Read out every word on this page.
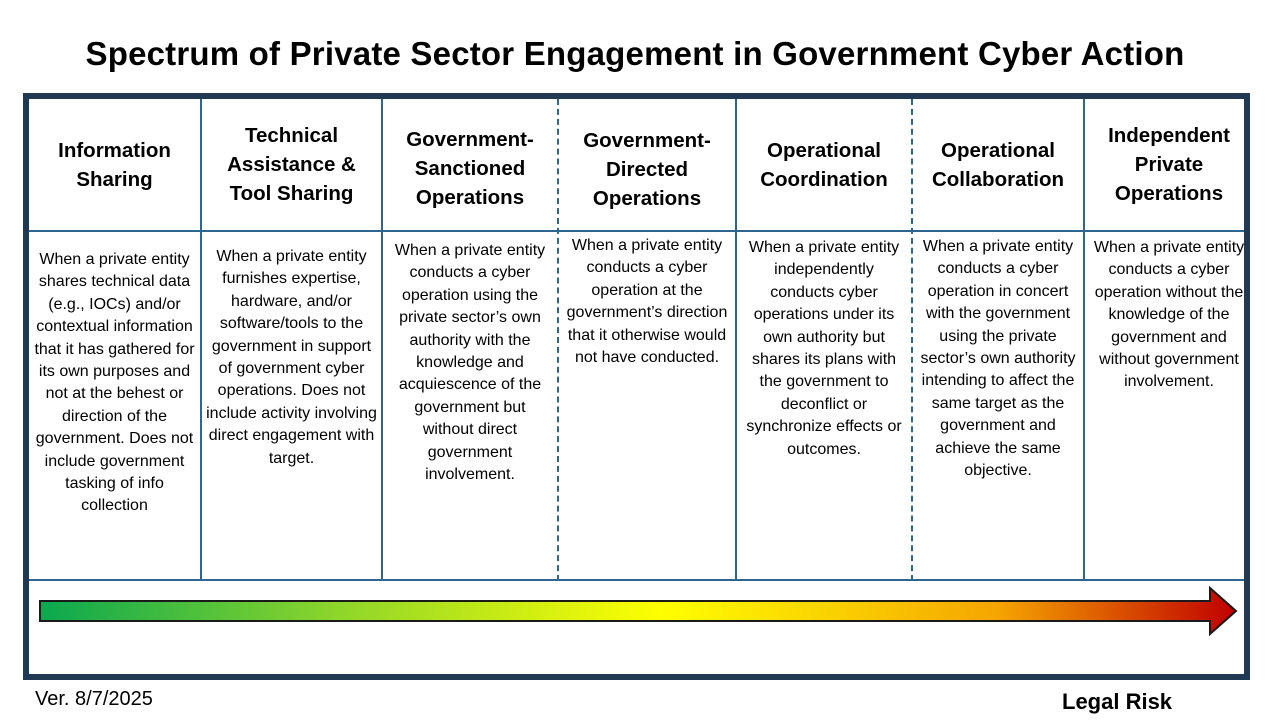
Spectrum of Private Sector Engagement in Government Cyber Action
Information Sharing
When a private entity shares technical data (e.g., IOCs) and/or contextual information that it has gathered for its own purposes and not at the behest or direction of the government. Does not include government tasking of info collection
Technical Assistance & Tool Sharing
When a private entity furnishes expertise, hardware, and/or software/tools to the government in support of government cyber operations. Does not include activity involving direct engagement with target.
Government-Sanctioned Operations
When a private entity conducts a cyber operation using the private sector’s own authority with the knowledge and acquiescence of the government but without direct government involvement.
Government-Directed Operations
When a private entity conducts a cyber operation at the government’s direction that it otherwise would not have conducted.
Operational Coordination
When a private entity independently conducts cyber operations under its own authority but shares its plans with the government to deconflict or synchronize effects or outcomes.
Operational Collaboration
When a private entity conducts a cyber operation in concert with the government using the private sector’s own authority intending to affect the same target as the government and achieve the same objective.
Independent Private Operations
When a private entity conducts a cyber operation without the knowledge of the government and without government involvement.
Ver. 8/7/2025	Legal Risk
